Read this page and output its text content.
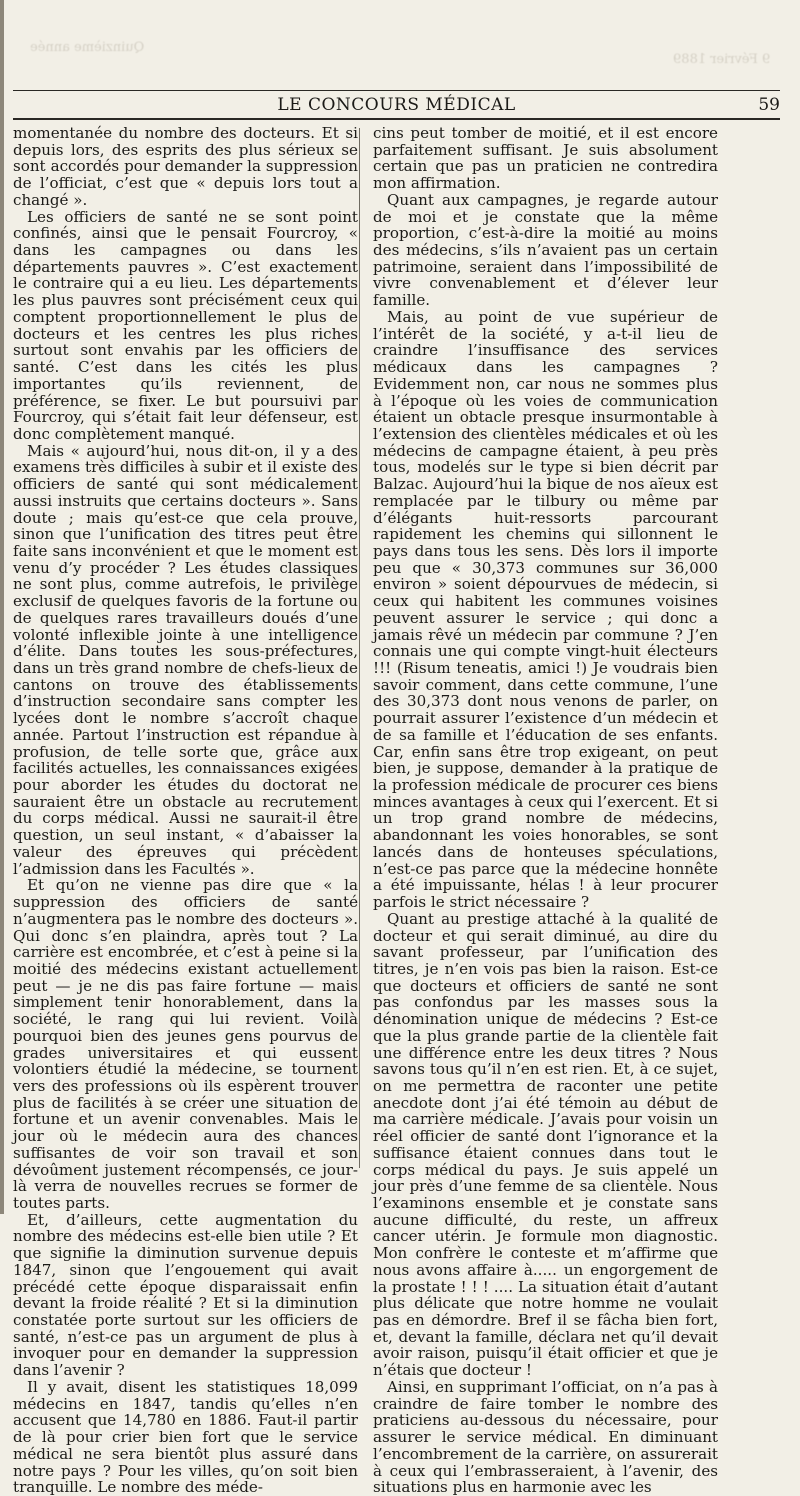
Quinzième année
9 Février 1889
LE CONCOURS MÉDICAL	59

momentanée du nombre des docteurs. Et si depuis lors, des esprits des plus sérieux se sont accordés pour demander la suppression de l’officiat, c’est que « depuis lors tout a changé ».

Les officiers de santé ne se sont point confinés, ainsi que le pensait Fourcroy, « dans les campagnes ou dans les départements pauvres ». C’est exactement le contraire qui a eu lieu. Les départements les plus pauvres sont précisément ceux qui comptent proportionnellement le plus de docteurs et les centres les plus riches surtout sont envahis par les officiers de santé. C’est dans les cités les plus importantes qu’ils reviennent, de préférence, se fixer. Le but poursuivi par Fourcroy, qui s’était fait leur défenseur, est donc complètement manqué.

Mais « aujourd’hui, nous dit-on, il y a des examens très difficiles à subir et il existe des officiers de santé qui sont médicalement aussi instruits que certains docteurs ». Sans doute ; mais qu’est-ce que cela prouve, sinon que l’unification des titres peut être faite sans inconvénient et que le moment est venu d’y procéder ? Les études classiques ne sont plus, comme autrefois, le privilège exclusif de quelques favoris de la fortune ou de quelques rares travailleurs doués d’une volonté inflexible jointe à une intelligence d’élite. Dans toutes les sous-préfectures, dans un très grand nombre de chefs-lieux de cantons on trouve des établissements d’instruction secondaire sans compter les lycées dont le nombre s’accroît chaque année. Partout l’instruction est répandue à profusion, de telle sorte que, grâce aux facilités actuelles, les connaissances exigées pour aborder les études du doctorat ne sauraient être un obstacle au recrutement du corps médical. Aussi ne saurait-il être question, un seul instant, « d’abaisser la valeur des épreuves qui précèdent l’admission dans les Facultés ».

Et qu’on ne vienne pas dire que « la suppression des officiers de santé n’augmentera pas le nombre des docteurs ». Qui donc s’en plaindra, après tout ? La carrière est encombrée, et c’est à peine si la moitié des médecins existant actuellement peut — je ne dis pas faire fortune — mais simplement tenir honorablement, dans la société, le rang qui lui revient. Voilà pourquoi bien des jeunes gens pourvus de grades universitaires et qui eussent volontiers étudié la médecine, se tournent vers des professions où ils espèrent trouver plus de facilités à se créer une situation de fortune et un avenir convenables. Mais le jour où le médecin aura des chances suffisantes de voir son travail et son dévoûment justement récompensés, ce jour-là verra de nouvelles recrues se former de toutes parts.

Et, d’ailleurs, cette augmentation du nombre des médecins est-elle bien utile ? Et que signifie la diminution survenue depuis 1847, sinon que l’engouement qui avait précédé cette époque disparaissait enfin devant la froide réalité ? Et si la diminution constatée porte surtout sur les officiers de santé, n’est-ce pas un argument de plus à invoquer pour en demander la suppression dans l’avenir ?

Il y avait, disent les statistiques 18,099 médecins en 1847, tandis qu’elles n’en accusent que 14,780 en 1886. Faut-il partir de là pour crier bien fort que le service médical ne sera bientôt plus assuré dans notre pays ? Pour les villes, qu’on soit bien tranquille. Le nombre des méde-

cins peut tomber de moitié, et il est encore parfaitement suffisant. Je suis absolument certain que pas un praticien ne contredira mon affirmation.

Quant aux campagnes, je regarde autour de moi et je constate que la même proportion, c’est-à-dire la moitié au moins des médecins, s’ils n’avaient pas un certain patrimoine, seraient dans l’impossibilité de vivre convenablement et d’élever leur famille.

Mais, au point de vue supérieur de l’intérêt de la société, y a-t-il lieu de craindre l’insuffisance des services médicaux dans les campagnes ? Evidemment non, car nous ne sommes plus à l’époque où les voies de communication étaient un obtacle presque insurmontable à l’extension des clientèles médicales et où les médecins de campagne étaient, à peu près tous, modelés sur le type si bien décrit par Balzac. Aujourd’hui la bique de nos aïeux est remplacée par le tilbury ou même par d’élégants huit-ressorts parcourant rapidement les chemins qui sillonnent le pays dans tous les sens. Dès lors il importe peu que « 30,373 communes sur 36,000 environ » soient dépourvues de médecin, si ceux qui habitent les communes voisines peuvent assurer le service ; qui donc a jamais rêvé un médecin par commune ? J’en connais une qui compte vingt-huit électeurs !!! (Risum teneatis, amici !) Je voudrais bien savoir comment, dans cette commune, l’une des 30,373 dont nous venons de parler, on pourrait assurer l’existence d’un médecin et de sa famille et l’éducation de ses enfants. Car, enfin sans être trop exigeant, on peut bien, je suppose, demander à la pratique de la profession médicale de procurer ces biens minces avantages à ceux qui l’exercent. Et si un trop grand nombre de médecins, abandonnant les voies honorables, se sont lancés dans de honteuses spéculations, n’est-ce pas parce que la médecine honnête a été impuissante, hélas ! à leur procurer parfois le strict nécessaire ?

Quant au prestige attaché à la qualité de docteur et qui serait diminué, au dire du savant professeur, par l’unification des titres, je n’en vois pas bien la raison. Est-ce que docteurs et officiers de santé ne sont pas confondus par les masses sous la dénomination unique de médecins ? Est-ce que la plus grande partie de la clientèle fait une différence entre les deux titres ? Nous savons tous qu’il n’en est rien. Et, à ce sujet, on me permettra de raconter une petite anecdote dont j’ai été témoin au début de ma carrière médicale. J’avais pour voisin un réel officier de santé dont l’ignorance et la suffisance étaient connues dans tout le corps médical du pays. Je suis appelé un jour près d’une femme de sa clientèle. Nous l’examinons ensemble et je constate sans aucune difficulté, du reste, un affreux cancer utérin. Je formule mon diagnostic. Mon confrère le conteste et m’affirme que nous avons affaire à..... un engorgement de la prostate ! ! ! .... La situation était d’autant plus délicate que notre homme ne voulait pas en démordre. Bref il se fâcha bien fort, et, devant la famille, déclara net qu’il devait avoir raison, puisqu’il était officier et que je n’étais que docteur !

Ainsi, en supprimant l’officiat, on n’a pas à craindre de faire tomber le nombre des praticiens au-dessous du nécessaire, pour assurer le service médical. En diminuant l’encombrement de la carrière, on assurerait à ceux qui l’embrasseraient, à l’avenir, des situations plus en harmonie avec les
